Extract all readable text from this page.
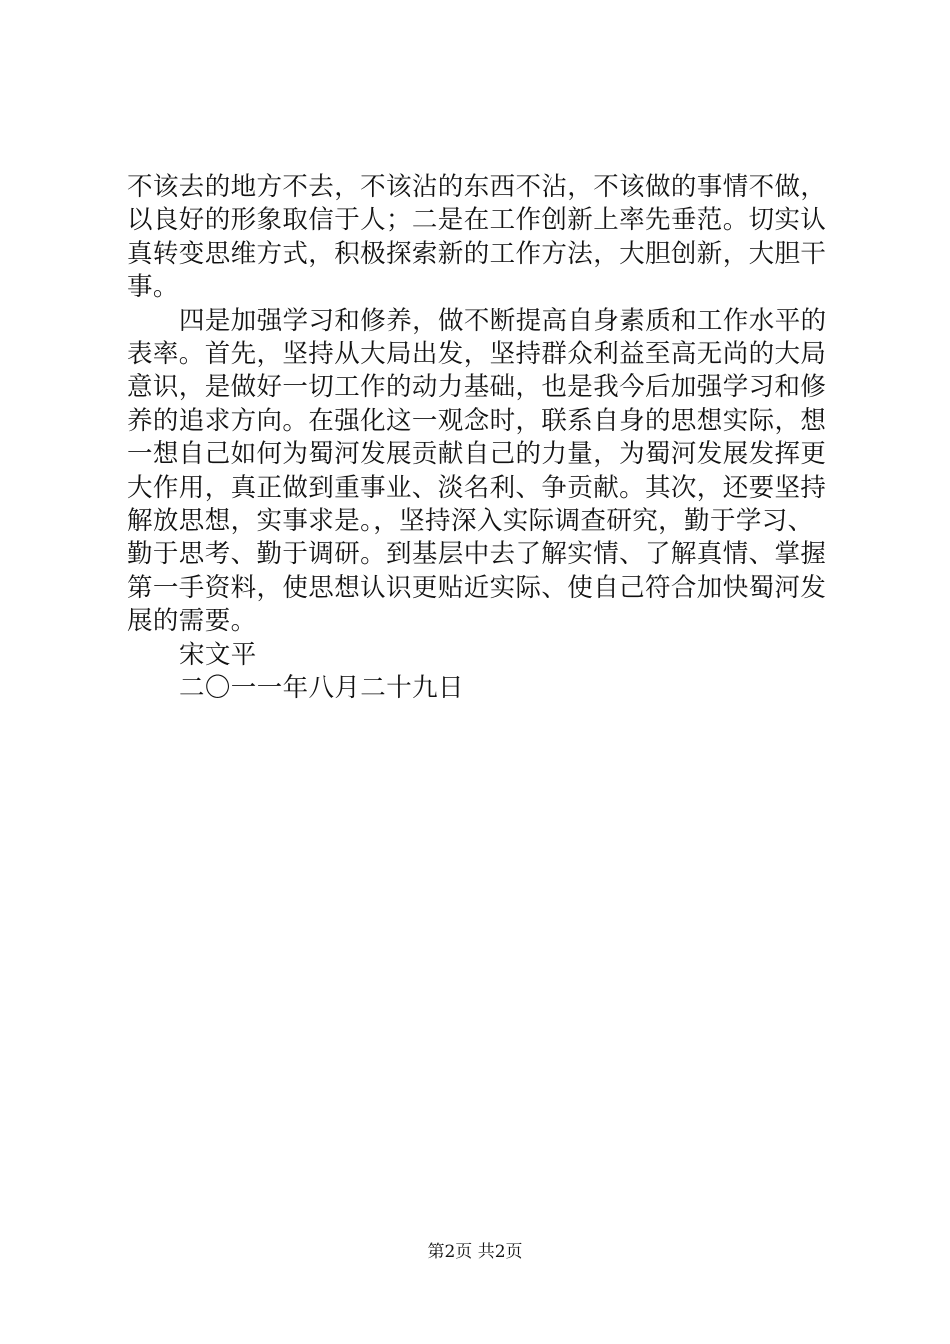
不该去的地方不去，不该沾的东西不沾，不该做的事情不做，
以良好的形象取信于人；二是在工作创新上率先垂范。切实认
真转变思维方式，积极探索新的工作方法，大胆创新，大胆干
事。

四是加强学习和修养，做不断提高自身素质和工作水平的
表率。首先，坚持从大局出发，坚持群众利益至高无尚的大局
意识，是做好一切工作的动力基础，也是我今后加强学习和修
养的追求方向。在强化这一观念时，联系自身的思想实际，想
一想自己如何为蜀河发展贡献自己的力量，为蜀河发展发挥更
大作用，真正做到重事业、淡名利、争贡献。其次，还要坚持
解放思想，实事求是。，坚持深入实际调查研究，勤于学习、
勤于思考、勤于调研。到基层中去了解实情、了解真情、掌握
第一手资料，使思想认识更贴近实际、使自己符合加快蜀河发
展的需要。

宋文平
二〇一一年八月二十九日
第2页 共2页
